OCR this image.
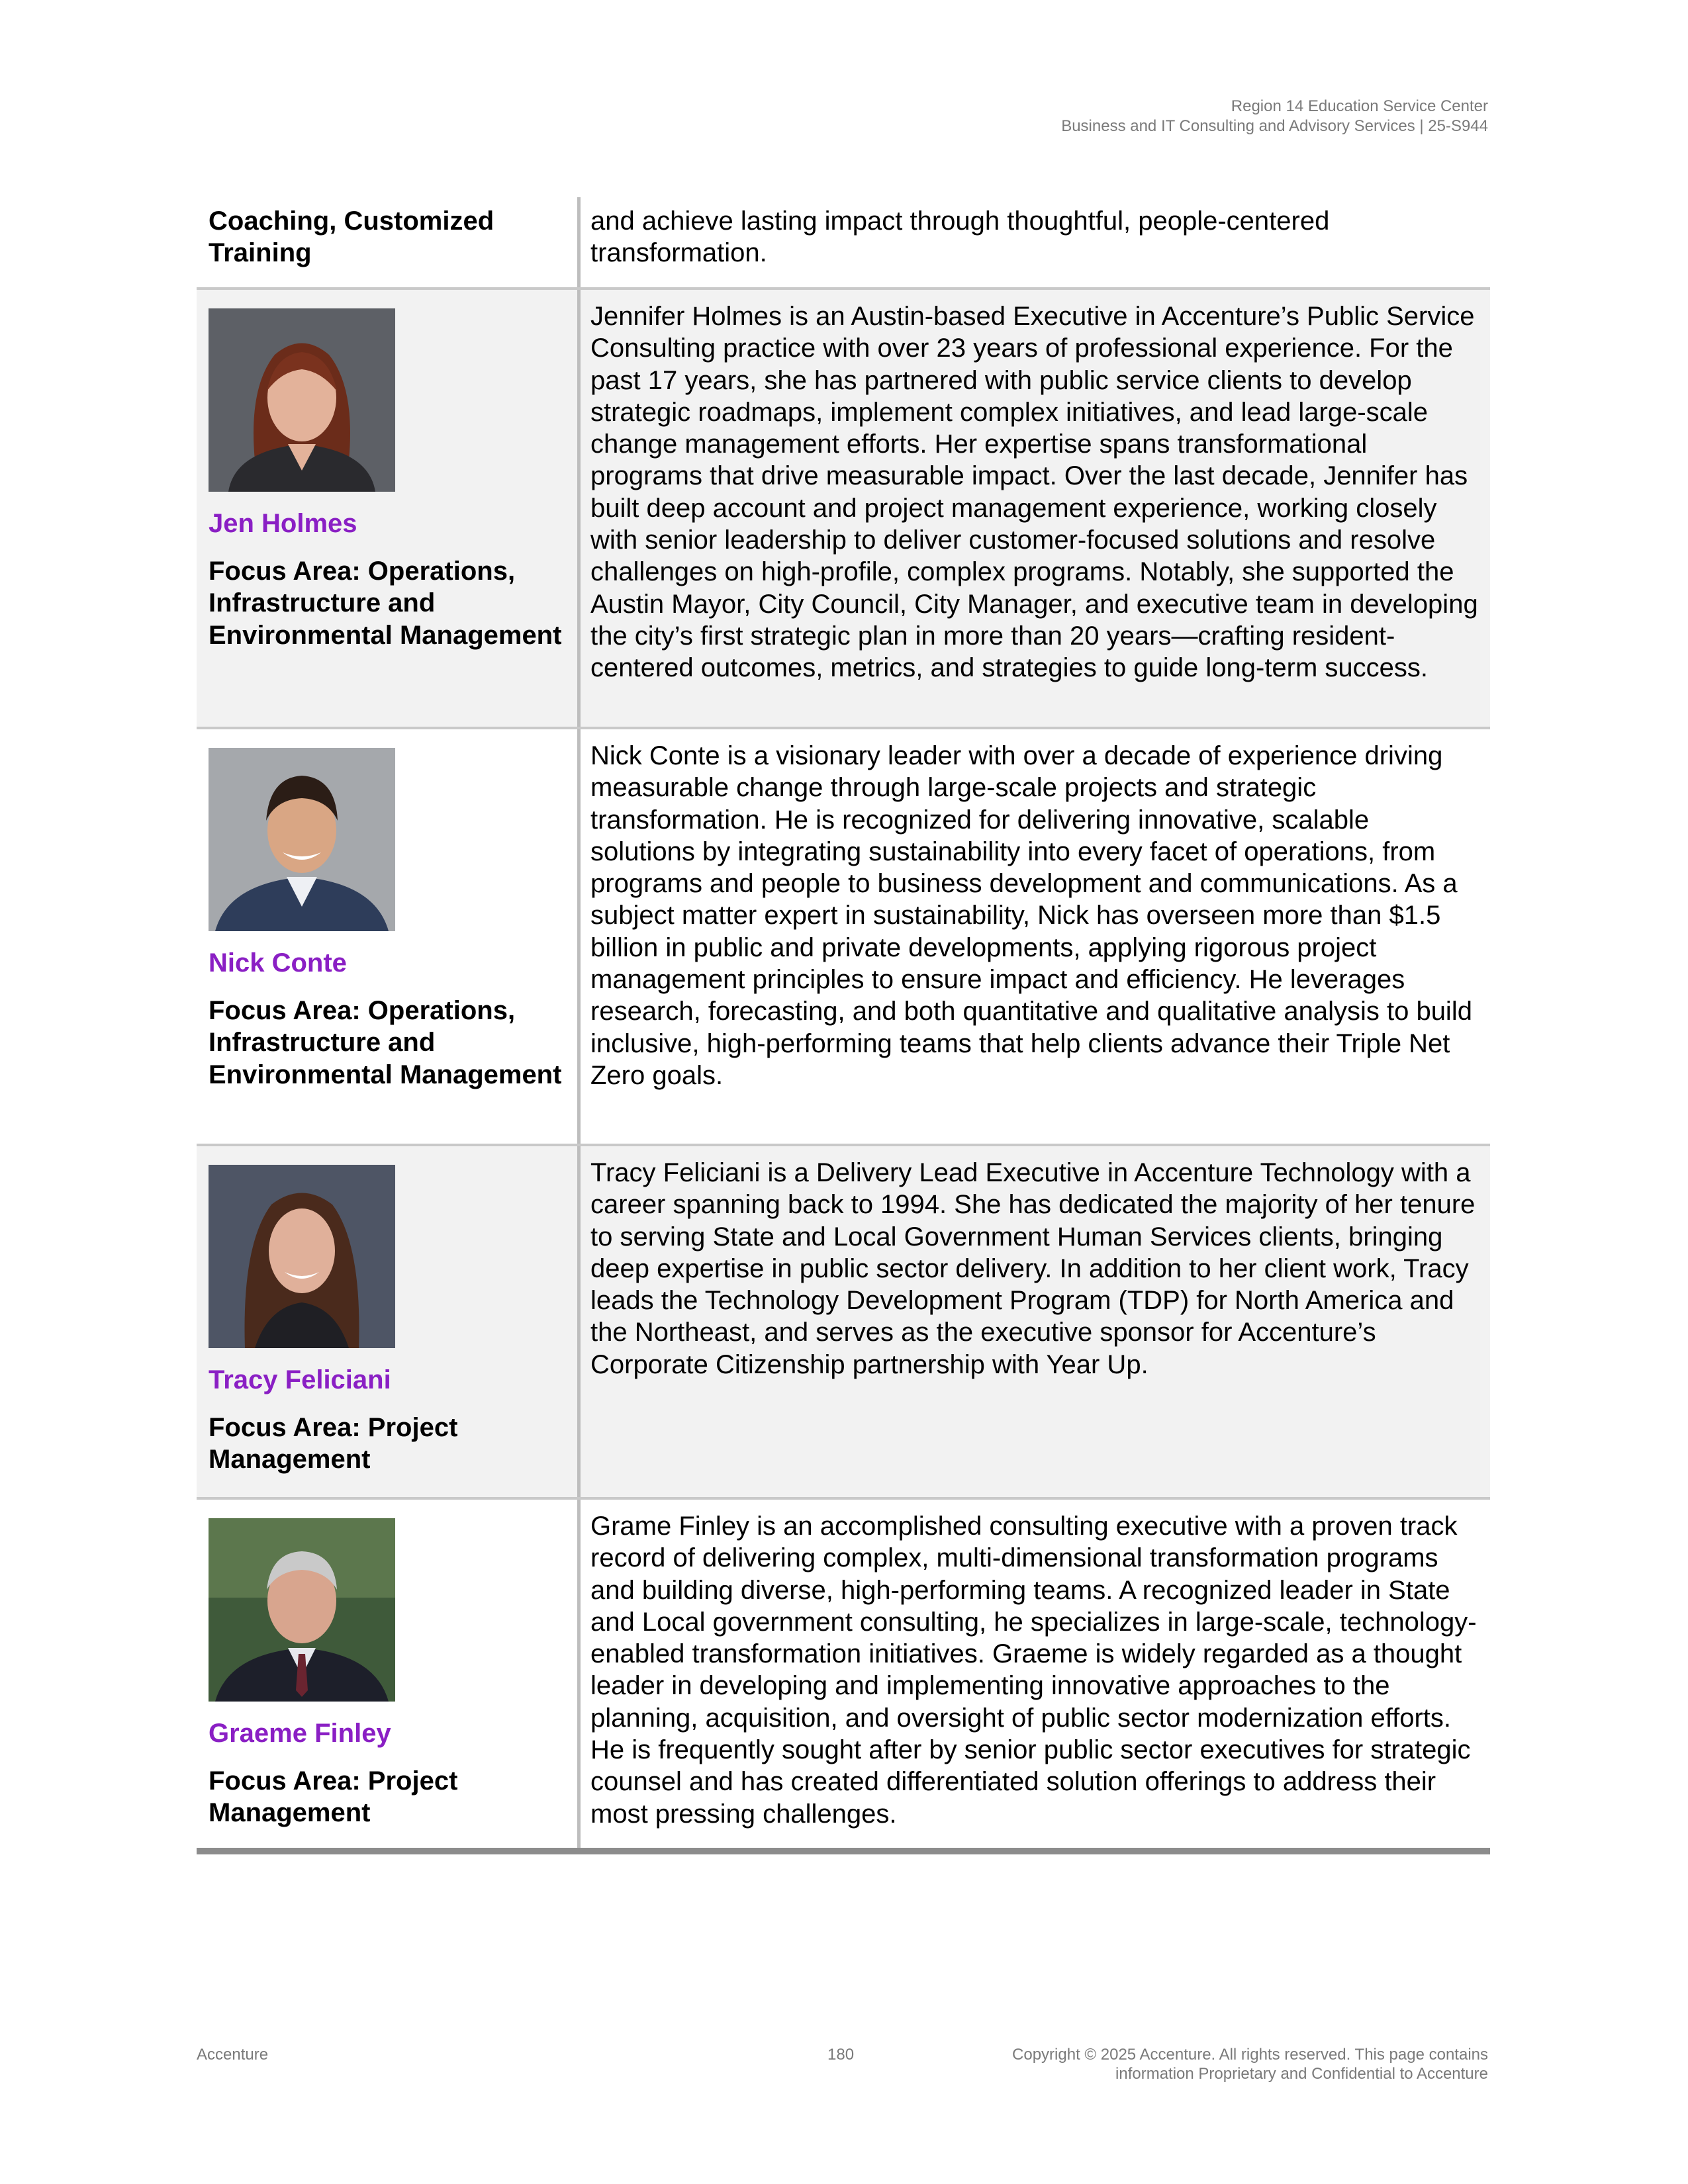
Region 14 Education Service Center
Business and IT Consulting and Advisory Services | 25-S944
Coaching, Customized Training
and achieve lasting impact through thoughtful, people-centered transformation.
Jen Holmes
Focus Area: Operations, Infrastructure and Environmental Management
Jennifer Holmes is an Austin-based Executive in Accenture’s Public Service Consulting practice with over 23 years of professional experience. For the past 17 years, she has partnered with public service clients to develop strategic roadmaps, implement complex initiatives, and lead large-scale change management efforts. Her expertise spans transformational programs that drive measurable impact. Over the last decade, Jennifer has built deep account and project management experience, working closely with senior leadership to deliver customer-focused solutions and resolve challenges on high-profile, complex programs. Notably, she supported the Austin Mayor, City Council, City Manager, and executive team in developing the city’s first strategic plan in more than 20 years—crafting resident-centered outcomes, metrics, and strategies to guide long-term success.
Nick Conte
Focus Area: Operations, Infrastructure and Environmental Management
Nick Conte is a visionary leader with over a decade of experience driving measurable change through large-scale projects and strategic transformation. He is recognized for delivering innovative, scalable solutions by integrating sustainability into every facet of operations, from programs and people to business development and communications. As a subject matter expert in sustainability, Nick has overseen more than $1.5 billion in public and private developments, applying rigorous project management principles to ensure impact and efficiency. He leverages research, forecasting, and both quantitative and qualitative analysis to build inclusive, high-performing teams that help clients advance their Triple Net Zero goals.
Tracy Feliciani
Focus Area: Project Management
Tracy Feliciani is a Delivery Lead Executive in Accenture Technology with a career spanning back to 1994. She has dedicated the majority of her tenure to serving State and Local Government Human Services clients, bringing deep expertise in public sector delivery. In addition to her client work, Tracy leads the Technology Development Program (TDP) for North America and the Northeast, and serves as the executive sponsor for Accenture’s Corporate Citizenship partnership with Year Up.
Graeme Finley
Focus Area: Project Management
Grame Finley is an accomplished consulting executive with a proven track record of delivering complex, multi-dimensional transformation programs and building diverse, high-performing teams. A recognized leader in State and Local government consulting, he specializes in large-scale, technology-enabled transformation initiatives. Graeme is widely regarded as a thought leader in developing and implementing innovative approaches to the planning, acquisition, and oversight of public sector modernization efforts. He is frequently sought after by senior public sector executives for strategic counsel and has created differentiated solution offerings to address their most pressing challenges.
Accenture	180	Copyright © 2025 Accenture. All rights reserved. This page contains
information Proprietary and Confidential to Accenture
